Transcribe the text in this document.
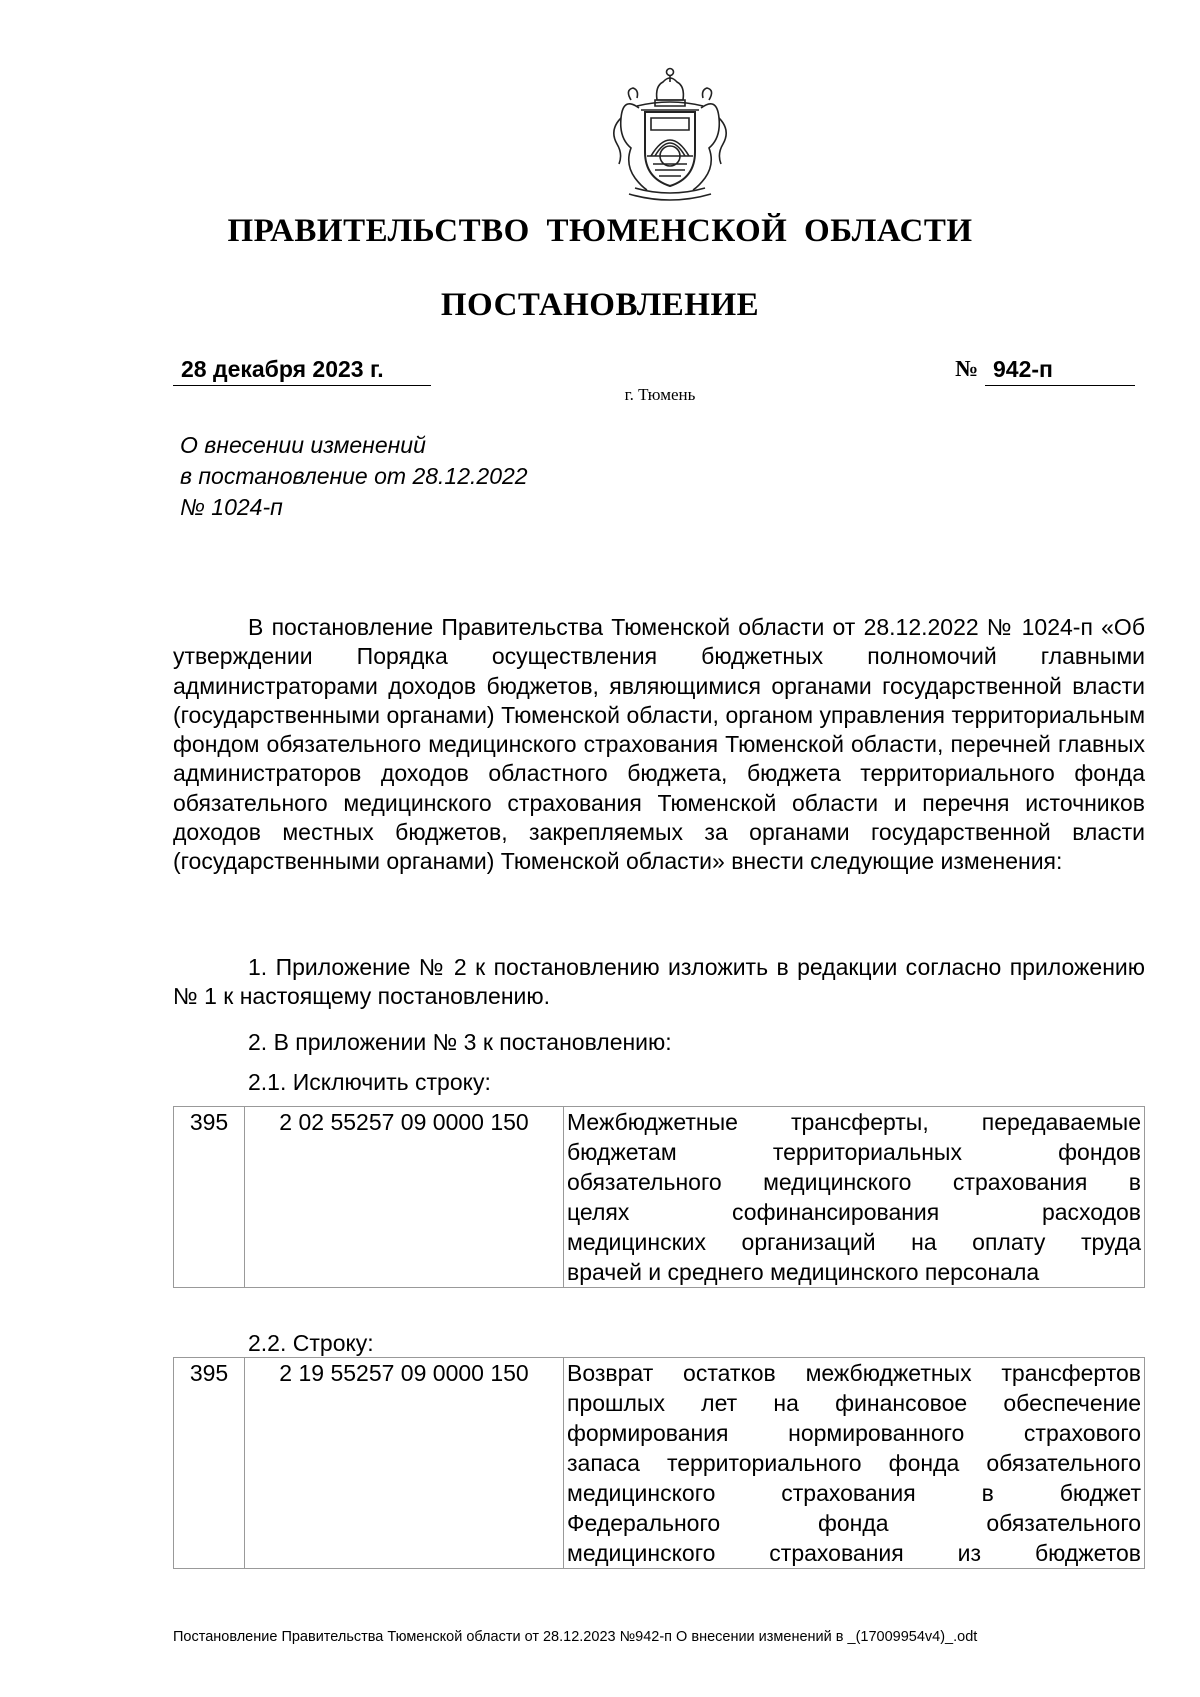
ПРАВИТЕЛЬСТВО ТЮМЕНСКОЙ ОБЛАСТИ
ПОСТАНОВЛЕНИЕ
28 декабря 2023 г.	№ 942-п
г. Тюмень
О внесении изменений
в постановление от 28.12.2022
№ 1024-п

В постановление Правительства Тюменской области от 28.12.2022 № 1024-п «Об утверждении Порядка осуществления бюджетных полномочий главными администраторами доходов бюджетов, являющимися органами государственной власти (государственными органами) Тюменской области, органом управления территориальным фондом обязательного медицинского страхования Тюменской области, перечней главных администраторов доходов областного бюджета, бюджета территориального фонда обязательного медицинского страхования Тюменской области и перечня источников доходов местных бюджетов, закрепляемых за органами государственной власти (государственными органами) Тюменской области» внести следующие изменения:

1. Приложение № 2 к постановлению изложить в редакции согласно приложению № 1 к настоящему постановлению.

2. В приложении № 3 к постановлению:

2.1. Исключить строку:

395	2 02 55257 09 0000 150	Межбюджетные трансферты, передаваемые
бюджетам территориальных фондов
обязательного медицинского страхования в
целях софинансирования расходов
медицинских организаций на оплату труда
врачей и среднего медицинского персонала

2.2. Строку:

395	2 19 55257 09 0000 150	Возврат остатков межбюджетных трансфертов
прошлых лет на финансовое обеспечение
формирования нормированного страхового
запаса территориального фонда обязательного
медицинского страхования в бюджет
Федерального фонда обязательного
медицинского страхования из бюджетов
Постановление Правительства Тюменской области от 28.12.2023 №942-п О внесении изменений в _(17009954v4)_.odt
